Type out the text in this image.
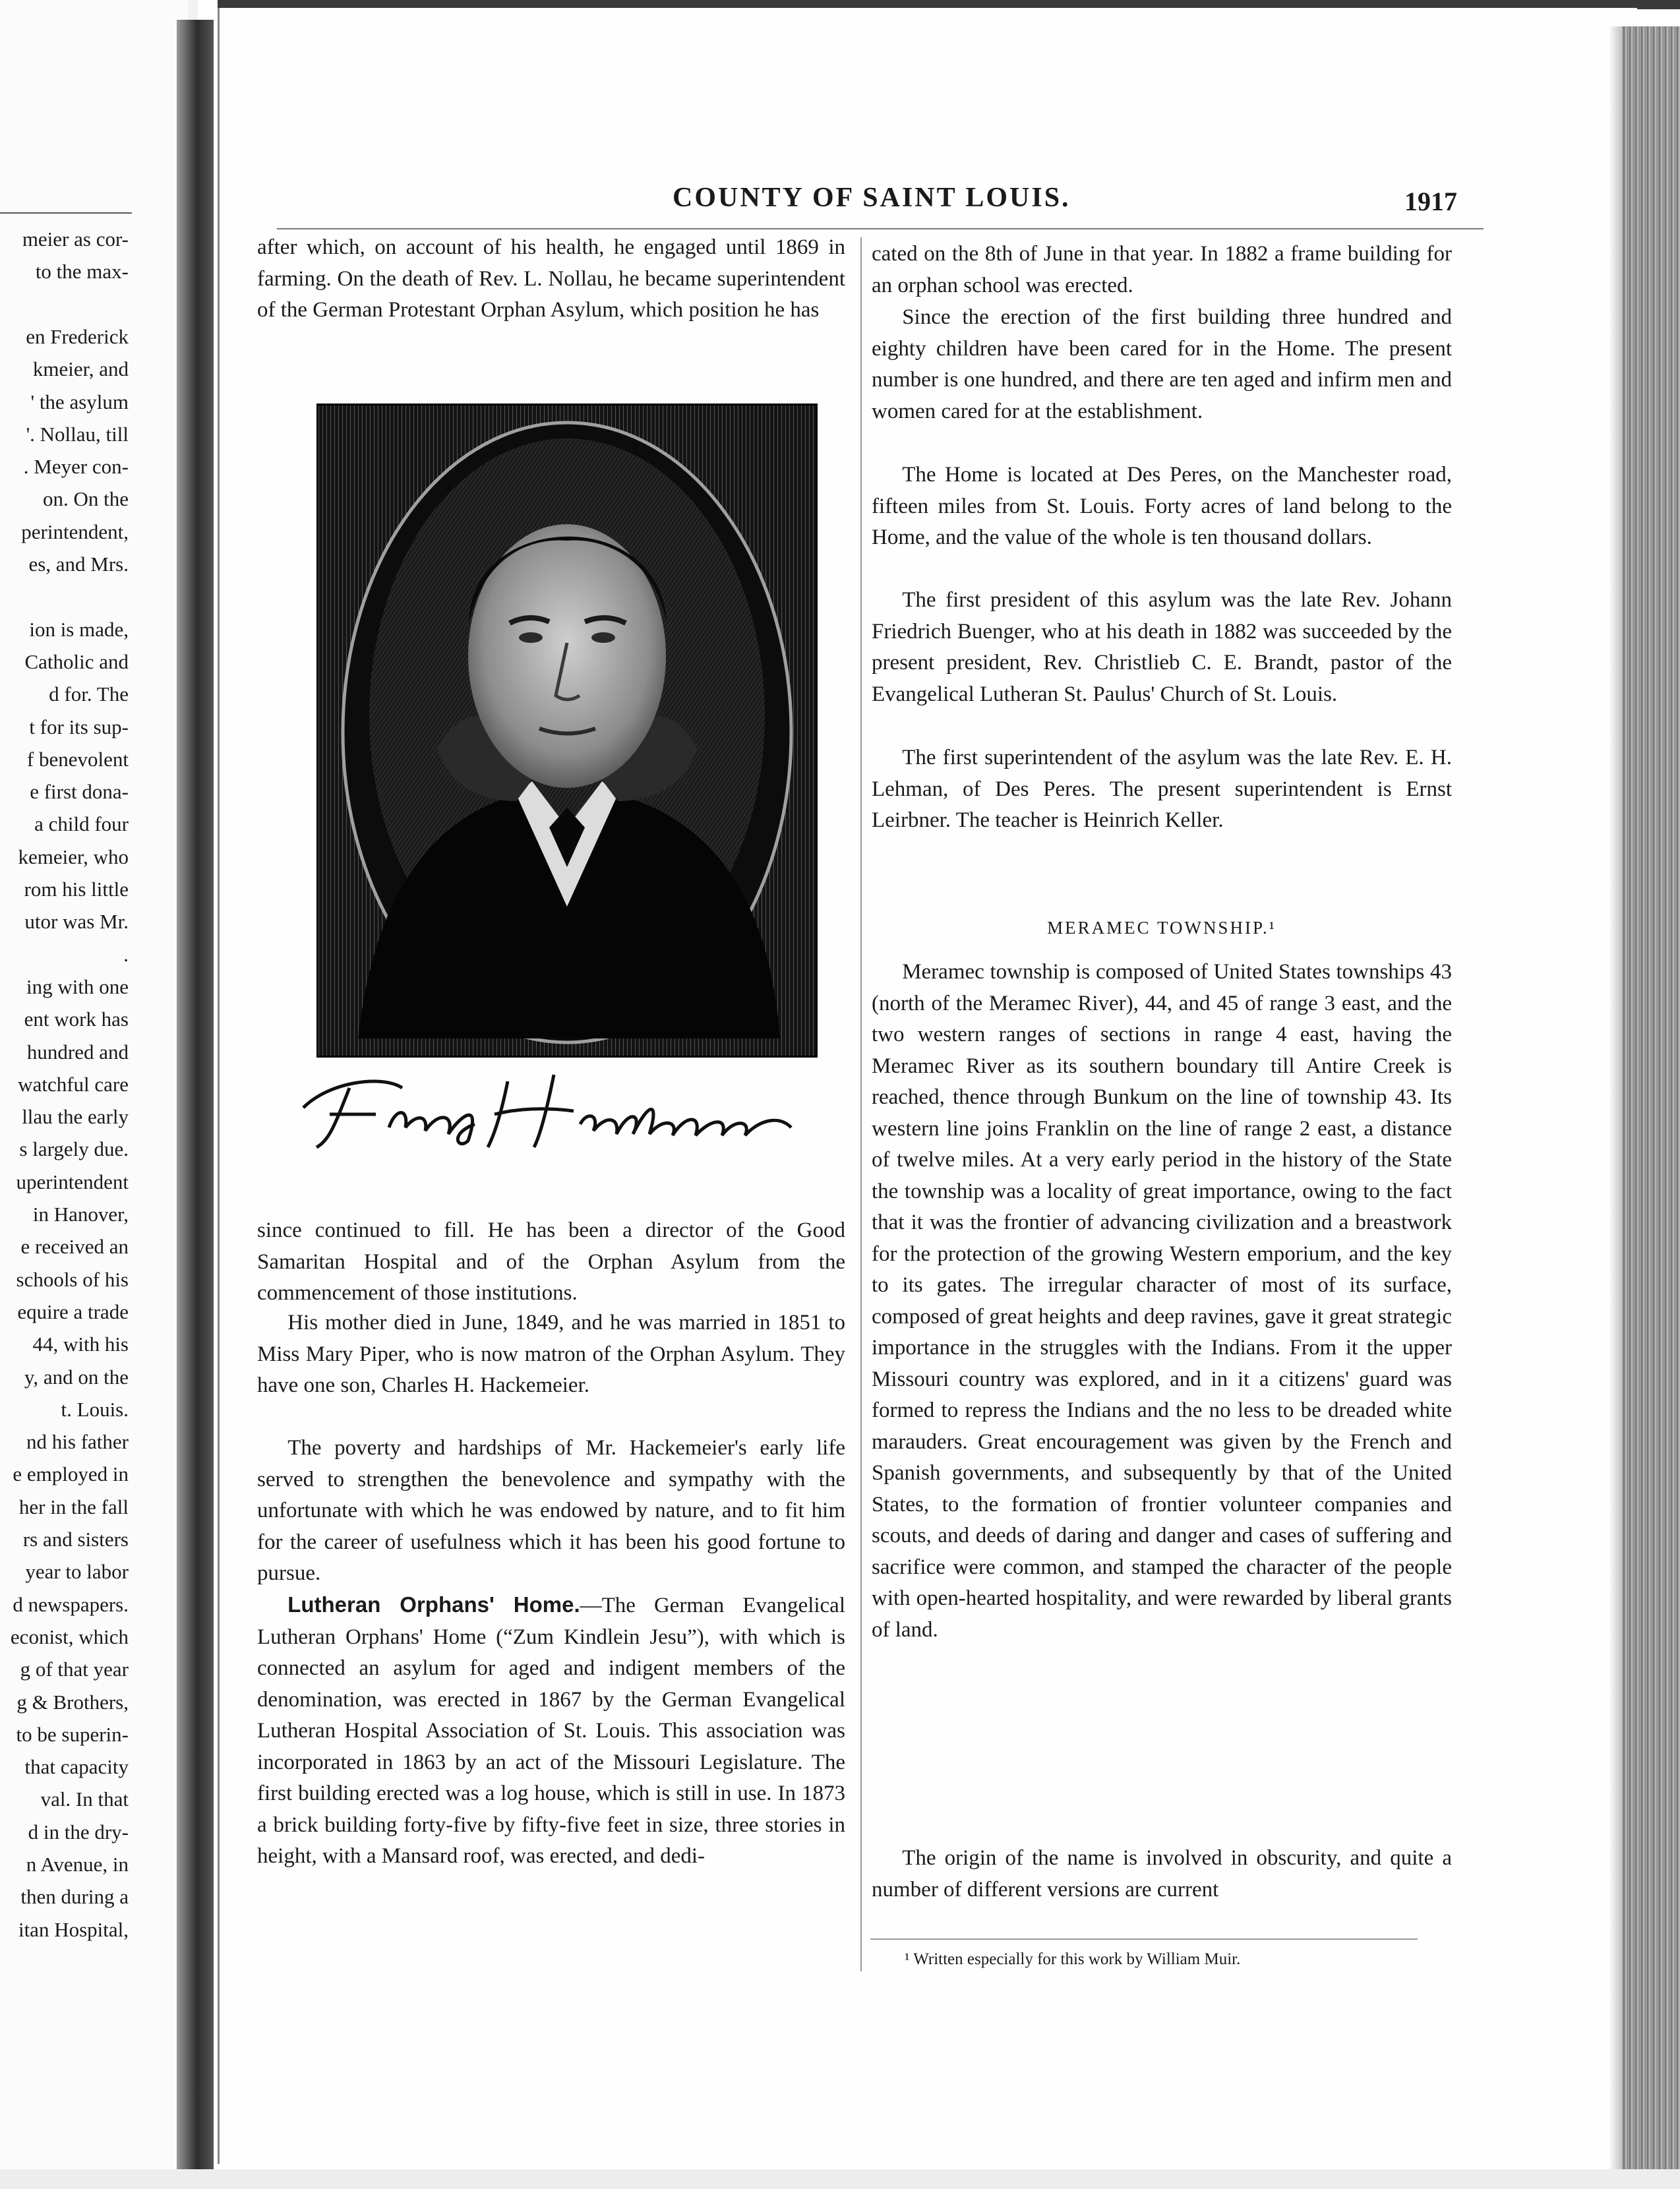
meier as cor-
to the max-
en Frederick
kmeier, and
' the asylum
'. Nollau, till
. Meyer con-
on. On the
perintendent,
es, and Mrs.
ion is made,
Catholic and
d for. The
t for its sup-
f benevolent
e first dona-
a child four
kemeier, who
rom his little
utor was Mr.
.
ing with one
ent work has
hundred and
watchful care
llau the early
s largely due.
uperintendent
in Hanover,
e received an
schools of his
equire a trade
44, with his
y, and on the
t. Louis.
nd his father
e employed in
her in the fall
rs and sisters
year to labor
d newspapers.
econist, which
g of that year
g & Brothers,
to be superin-
that capacity
val. In that
d in the dry-
n Avenue, in
then during a
itan Hospital,
COUNTY OF SAINT LOUIS.	1917

after which, on account of his health, he engaged until 1869 in farming. On the death of Rev. L. Nollau, he became superintendent of the German Protestant Orphan Asylum, which position he has

since continued to fill. He has been a director of the Good Samaritan Hospital and of the Orphan Asylum from the commencement of those institutions.

His mother died in June, 1849, and he was married in 1851 to Miss Mary Piper, who is now matron of the Orphan Asylum. They have one son, Charles H. Hackemeier.

The poverty and hardships of Mr. Hackemeier's early life served to strengthen the benevolence and sympathy with the unfortunate with which he was endowed by nature, and to fit him for the career of usefulness which it has been his good fortune to pursue.

Lutheran Orphans' Home.—The German Evangelical Lutheran Orphans' Home (“Zum Kindlein Jesu”), with which is connected an asylum for aged and indigent members of the denomination, was erected in 1867 by the German Evangelical Lutheran Hospital Association of St. Louis. This association was incorporated in 1863 by an act of the Missouri Legislature. The first building erected was a log house, which is still in use. In 1873 a brick building forty-five by fifty-five feet in size, three stories in height, with a Mansard roof, was erected, and dedi-

cated on the 8th of June in that year. In 1882 a frame building for an orphan school was erected.

Since the erection of the first building three hundred and eighty children have been cared for in the Home. The present number is one hundred, and there are ten aged and infirm men and women cared for at the establishment.

The Home is located at Des Peres, on the Manchester road, fifteen miles from St. Louis. Forty acres of land belong to the Home, and the value of the whole is ten thousand dollars.

The first president of this asylum was the late Rev. Johann Friedrich Buenger, who at his death in 1882 was succeeded by the present president, Rev. Christlieb C. E. Brandt, pastor of the Evangelical Lutheran St. Paulus' Church of St. Louis.

The first superintendent of the asylum was the late Rev. E. H. Lehman, of Des Peres. The present superintendent is Ernst Leirbner. The teacher is Heinrich Keller.

MERAMEC TOWNSHIP.¹

Meramec township is composed of United States townships 43 (north of the Meramec River), 44, and 45 of range 3 east, and the two western ranges of sections in range 4 east, having the Meramec River as its southern boundary till Antire Creek is reached, thence through Bunkum on the line of township 43. Its western line joins Franklin on the line of range 2 east, a distance of twelve miles. At a very early period in the history of the State the township was a locality of great importance, owing to the fact that it was the frontier of advancing civilization and a breastwork for the protection of the growing Western emporium, and the key to its gates. The irregular character of most of its surface, composed of great heights and deep ravines, gave it great strategic importance in the struggles with the Indians. From it the upper Missouri country was explored, and in it a citizens' guard was formed to repress the Indians and the no less to be dreaded white marauders. Great encouragement was given by the French and Spanish governments, and subsequently by that of the United States, to the formation of frontier volunteer companies and scouts, and deeds of daring and danger and cases of suffering and sacrifice were common, and stamped the character of the people with open-hearted hospitality, and were rewarded by liberal grants of land.

The origin of the name is involved in obscurity, and quite a number of different versions are current

¹ Written especially for this work by William Muir.
